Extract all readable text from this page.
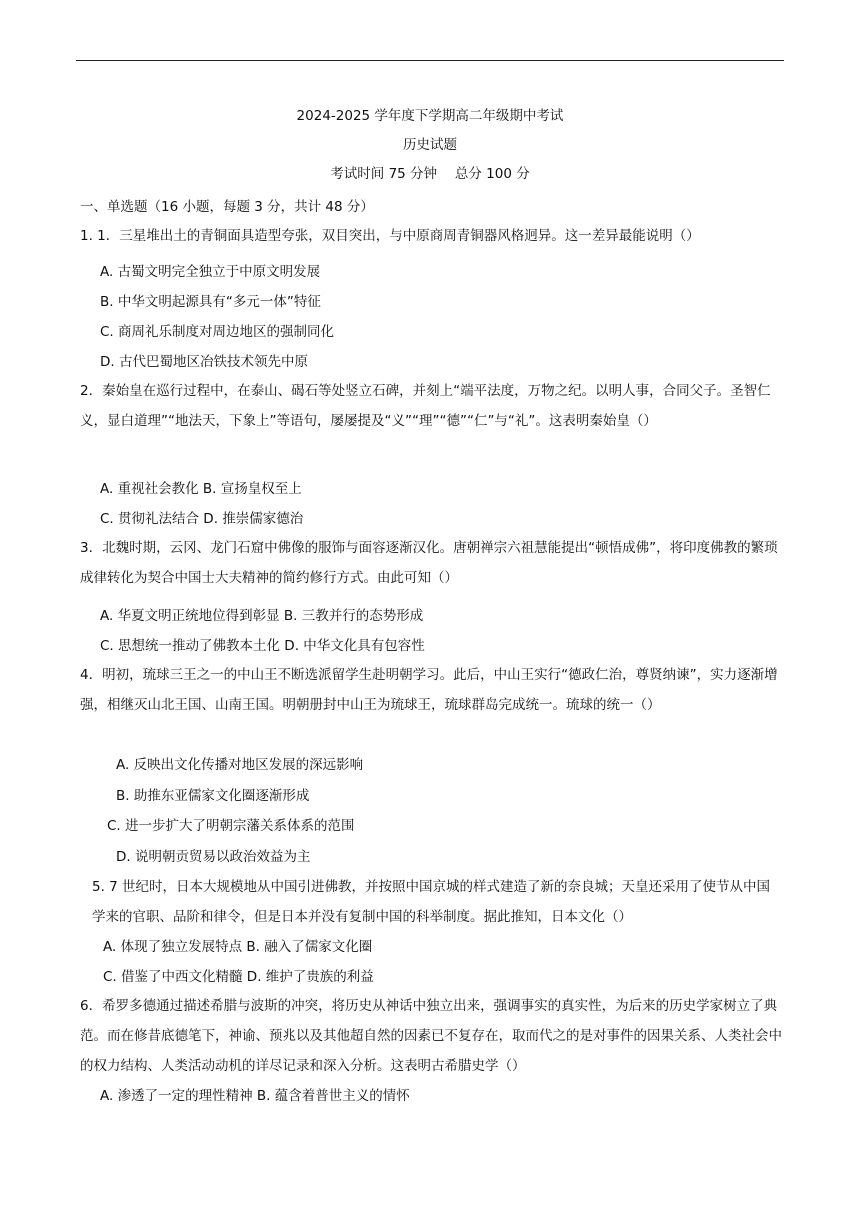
2024-2025 学年度下学期高二年级期中考试
历史试题
考试时间 75 分钟　 总分 100 分
一、单选题（16 小题，每题 3 分，共计 48 分）
1. 1．三星堆出土的青铜面具造型夸张，双目突出，与中原商周青铜器风格迥异。这一差异最能说明（）
A. 古蜀文明完全独立于中原文明发展
B. 中华文明起源具有“多元一体”特征
C. 商周礼乐制度对周边地区的强制同化
D. 古代巴蜀地区冶铁技术领先中原
2．秦始皇在巡行过程中，在泰山、碣石等处竖立石碑，并刻上“端平法度，万物之纪。以明人事，合同父子。圣智仁义，显白道理”“地法天，下象上”等语句，屡屡提及“义”“理”“德”“仁”与“礼”。这表明秦始皇（）
A. 重视社会教化 B. 宣扬皇权至上
C. 贯彻礼法结合 D. 推崇儒家德治
3．北魏时期，云冈、龙门石窟中佛像的服饰与面容逐渐汉化。唐朝禅宗六祖慧能提出“顿悟成佛”，将印度佛教的繁琐成律转化为契合中国士大夫精神的简约修行方式。由此可知（）
A. 华夏文明正统地位得到彰显 B. 三教并行的态势形成
C. 思想统一推动了佛教本土化 D. 中华文化具有包容性
4．明初，琉球三王之一的中山王不断选派留学生赴明朝学习。此后，中山王实行“德政仁治，尊贤纳谏”，实力逐渐增强，相继灭山北王国、山南王国。明朝册封中山王为琉球王，琉球群岛完成统一。琉球的统一（）
A. 反映出文化传播对地区发展的深远影响
B. 助推东亚儒家文化圈逐渐形成
C. 进一步扩大了明朝宗藩关系体系的范围
D. 说明朝贡贸易以政治效益为主
5. 7 世纪时，日本大规模地从中国引进佛教，并按照中国京城的样式建造了新的奈良城；天皇还采用了使节从中国学来的官职、品阶和律令，但是日本并没有复制中国的科举制度。据此推知，日本文化（）
A. 体现了独立发展特点 B. 融入了儒家文化圈
C. 借鉴了中西文化精髓 D. 维护了贵族的利益
6．希罗多德通过描述希腊与波斯的冲突，将历史从神话中独立出来，强调事实的真实性，为后来的历史学家树立了典范。而在修昔底德笔下，神谕、预兆以及其他超自然的因素已不复存在，取而代之的是对事件的因果关系、人类社会中的权力结构、人类活动动机的详尽记录和深入分析。这表明古希腊史学（）
A. 渗透了一定的理性精神 B. 蕴含着普世主义的情怀
